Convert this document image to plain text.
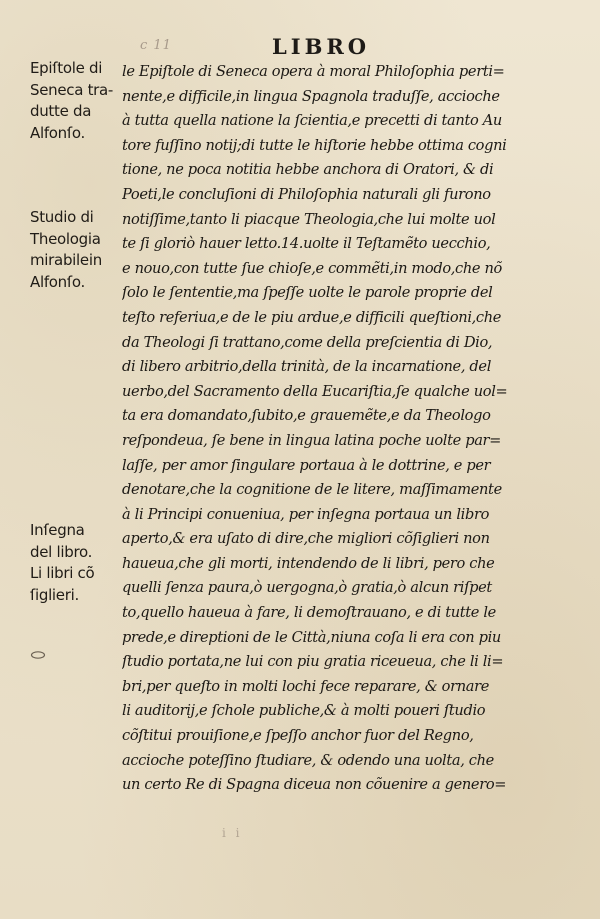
c 11	LIBRO
Epiſtole di
Seneca tra-
dutte da
Alfonſo.
Studio di
Theologia
mirabilein
Alfonſo.
Inſegna
del libro.
Li libri cõ
ſiglieri.
le Epiſtole di Seneca opera à moral Philoſophia perti=
nente,e difficile,in lingua Spagnola traduſſe, accioche
à tutta quella natione la ſcientia,e precetti di tanto Au
tore fuſſino notij;di tutte le hiſtorie hebbe ottima cogni
tione, ne poca notitia hebbe anchora di Oratori, & di
Poeti,le concluſioni di Philoſophia naturali gli furono
notiſſime,tanto li piacque Theologia,che lui molte uol
te ſi gloriò hauer letto.14.uolte il Teſtamẽto uecchio,
e nouo,con tutte ſue chioſe,e commẽti,in modo,che nõ
ſolo le ſententie,ma ſpeſſe uolte le parole proprie del
teſto referiua,e de le piu ardue,e difficili queſtioni,che
da Theologi ſi trattano,come della preſcientia di Dio,
di libero arbitrio,della trinità, de la incarnatione, del
uerbo,del Sacramento della Eucariſtia,ſe qualche uol=
ta era domandato,ſubito,e grauemẽte,e da Theologo
reſpondeua, ſe bene in lingua latina poche uolte par=
laſſe, per amor ſingulare portaua à le dottrine, e per
denotare,che la cognitione de le litere, maſſimamente
à li Principi conueniua, per inſegna portaua un libro
aperto,& era uſato di dire,che migliori cõſiglieri non
haueua,che gli morti, intendendo de li libri, pero che
quelli ſenza paura,ò uergogna,ò gratia,ò alcun riſpet
to,quello haueua à fare, li demoſtrauano, e di tutte le
prede,e direptioni de le Città,niuna coſa li era con piu
ſtudio portata,ne lui con piu gratia riceueua, che li li=
bri,per queſto in molti lochi fece reparare, & ornare
li auditorij,e ſchole publiche,& à molti poueri ſtudio
cõſtitui prouiſione,e ſpeſſo anchor fuor del Regno,
accioche poteſſino ſtudiare, & odendo una uolta, che
un certo Re di Spagna diceua non cõuenire a genero=
i i
